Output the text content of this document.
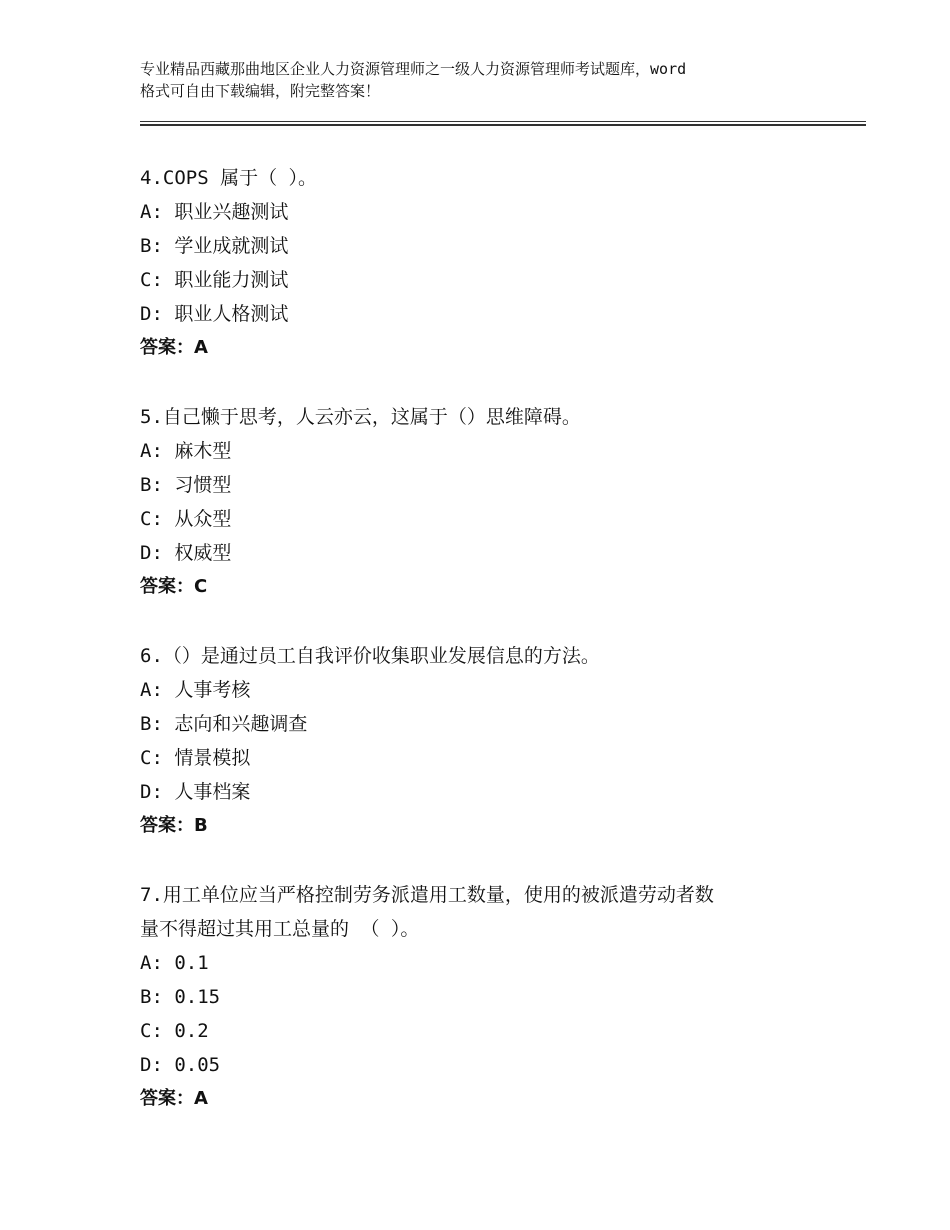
专业精品西藏那曲地区企业人力资源管理师之一级人力资源管理师考试题库，word
格式可自由下载编辑，附完整答案！
4.COPS 属于（ ）。
A: 职业兴趣测试
B: 学业成就测试
C: 职业能力测试
D: 职业人格测试
答案：A
5.自己懒于思考，人云亦云，这属于（）思维障碍。
A: 麻木型
B: 习惯型
C: 从众型
D: 权威型
答案：C
6.（）是通过员工自我评价收集职业发展信息的方法。
A: 人事考核
B: 志向和兴趣调查
C: 情景模拟
D: 人事档案
答案：B
7.用工单位应当严格控制劳务派遣用工数量，使用的被派遣劳动者数
量不得超过其用工总量的 （ ）。
A: 0.1
B: 0.15
C: 0.2
D: 0.05
答案：A
